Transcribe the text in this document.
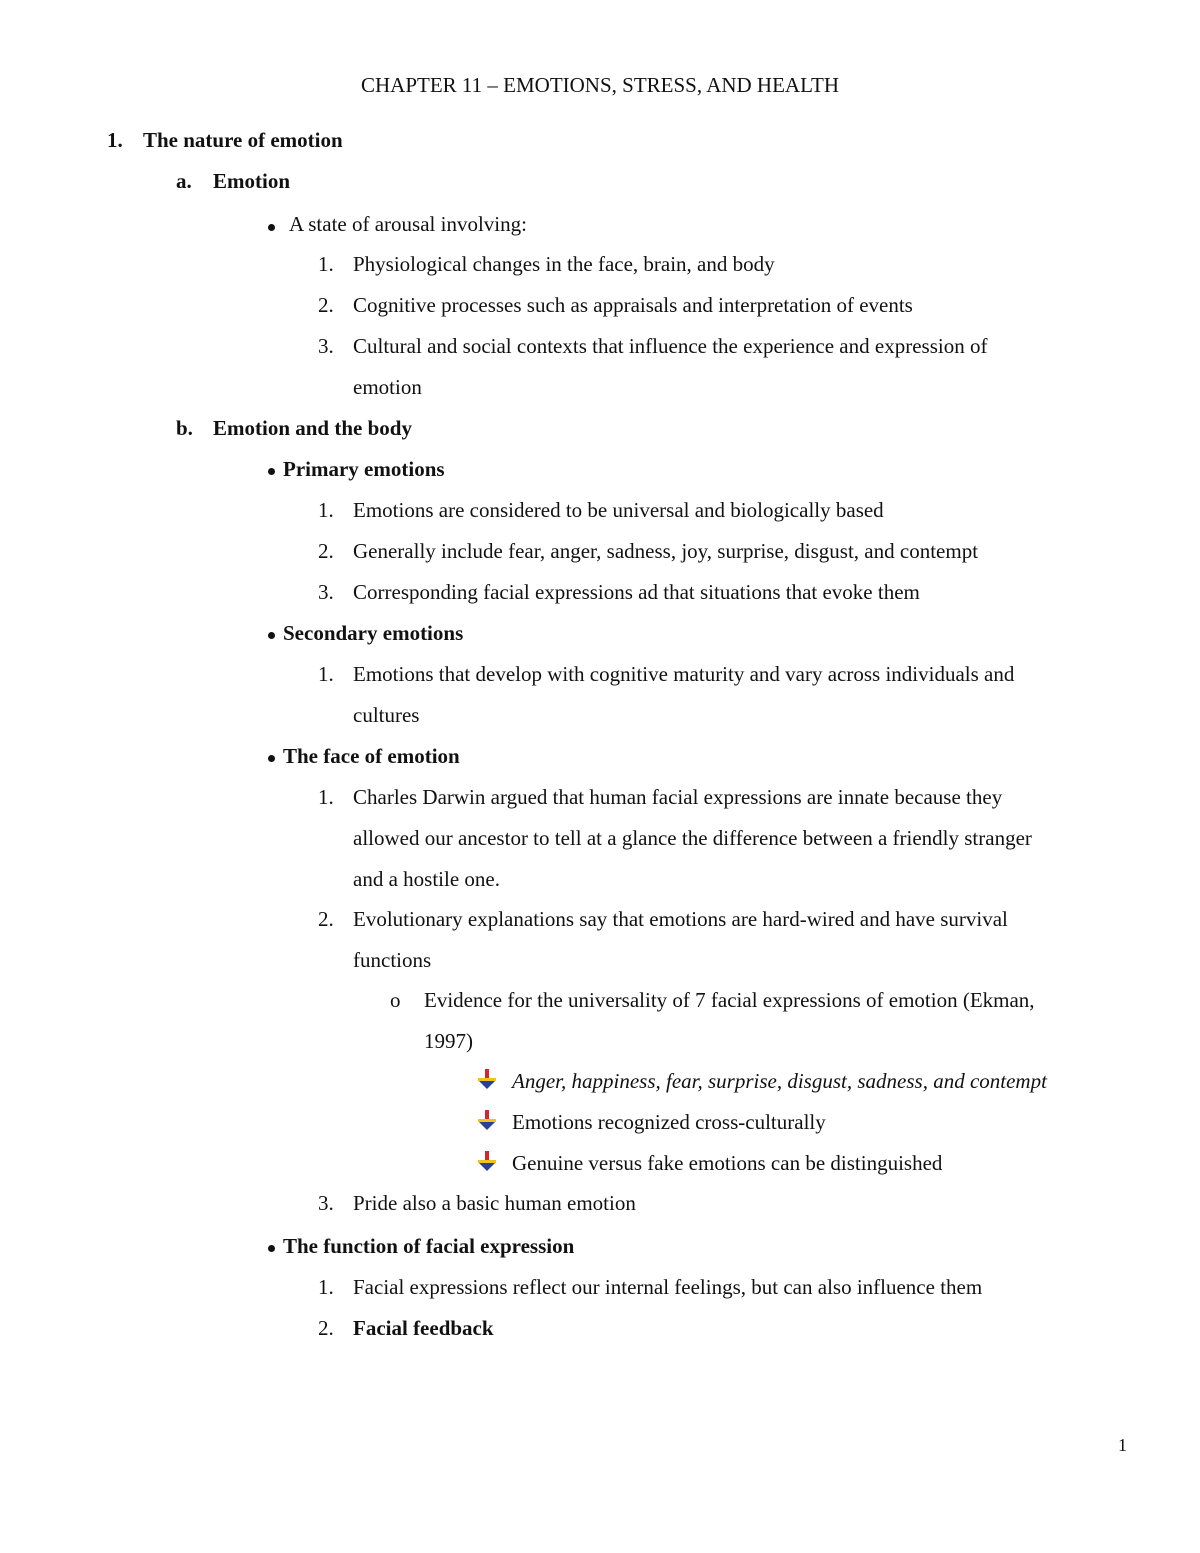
CHAPTER 11 – EMOTIONS, STRESS, AND HEALTH
1. The nature of emotion
a. Emotion
A state of arousal involving:
1. Physiological changes in the face, brain, and body
2. Cognitive processes such as appraisals and interpretation of events
3. Cultural and social contexts that influence the experience and expression of
emotion
b. Emotion and the body
Primary emotions
1. Emotions are considered to be universal and biologically based
2. Generally include fear, anger, sadness, joy, surprise, disgust, and contempt
3. Corresponding facial expressions ad that situations that evoke them
Secondary emotions
1. Emotions that develop with cognitive maturity and vary across individuals and
cultures
The face of emotion
1. Charles Darwin argued that human facial expressions are innate because they
allowed our ancestor to tell at a glance the difference between a friendly stranger
and a hostile one.
2. Evolutionary explanations say that emotions are hard-wired and have survival
functions
o Evidence for the universality of 7 facial expressions of emotion (Ekman,
1997)
Anger, happiness, fear, surprise, disgust, sadness, and contempt
Emotions recognized cross-culturally
Genuine versus fake emotions can be distinguished
3. Pride also a basic human emotion
The function of facial expression
1. Facial expressions reflect our internal feelings, but can also influence them
2. Facial feedback
1
